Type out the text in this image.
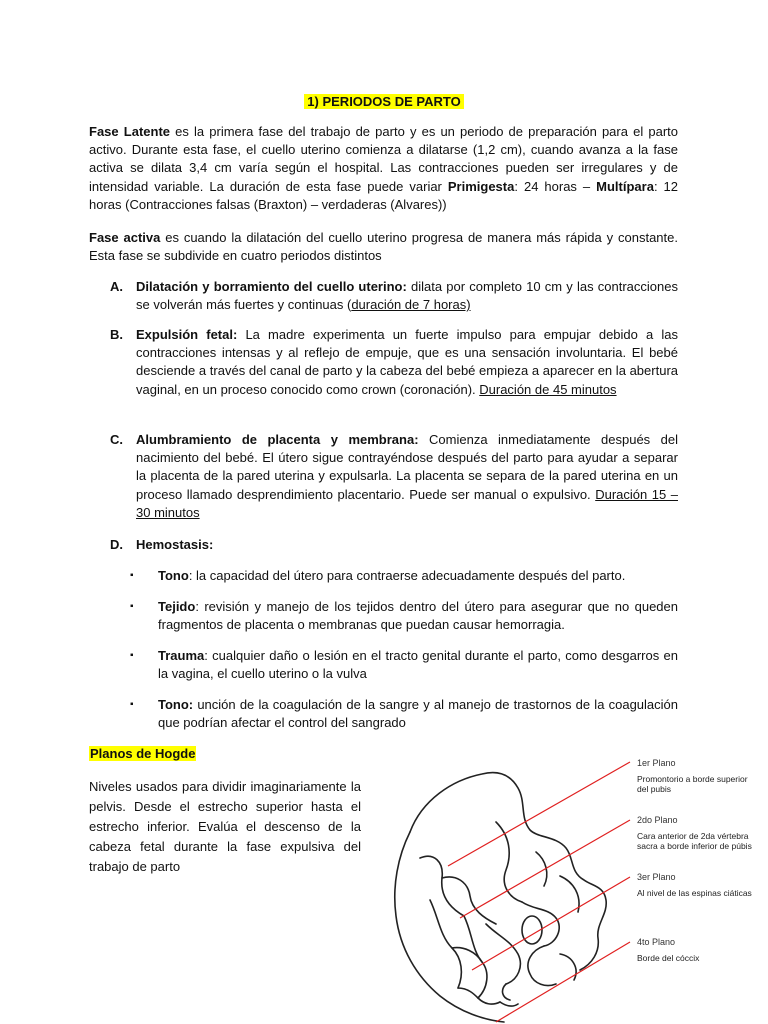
1) PERIODOS DE PARTO
Fase Latente es la primera fase del trabajo de parto y es un periodo de preparación para el parto activo. Durante esta fase, el cuello uterino comienza a dilatarse (1,2 cm), cuando avanza a la fase activa se dilata 3,4 cm varía según el hospital. Las contracciones pueden ser irregulares y de intensidad variable. La duración de esta fase puede variar Primigesta: 24 horas – Multípara: 12 horas (Contracciones falsas (Braxton) – verdaderas (Alvares))
Fase activa es cuando la dilatación del cuello uterino progresa de manera más rápida y constante. Esta fase se subdivide en cuatro periodos distintos
A. Dilatación y borramiento del cuello uterino: dilata por completo 10 cm y las contracciones se volverán más fuertes y continuas (duración de 7 horas)
B. Expulsión fetal: La madre experimenta un fuerte impulso para empujar debido a las contracciones intensas y al reflejo de empuje, que es una sensación involuntaria. El bebé desciende a través del canal de parto y la cabeza del bebé empieza a aparecer en la abertura vaginal, en un proceso conocido como crown (coronación). Duración de 45 minutos
C. Alumbramiento de placenta y membrana: Comienza inmediatamente después del nacimiento del bebé. El útero sigue contrayéndose después del parto para ayudar a separar la placenta de la pared uterina y expulsarla. La placenta se separa de la pared uterina en un proceso llamado desprendimiento placentario. Puede ser manual o expulsivo. Duración 15 – 30 minutos
D. Hemostasis:
▪ Tono: la capacidad del útero para contraerse adecuadamente después del parto.
▪ Tejido: revisión y manejo de los tejidos dentro del útero para asegurar que no queden fragmentos de placenta o membranas que puedan causar hemorragia.
▪ Trauma: cualquier daño o lesión en el tracto genital durante el parto, como desgarros en la vagina, el cuello uterino o la vulva
▪ Tono: unción de la coagulación de la sangre y al manejo de trastornos de la coagulación que podrían afectar el control del sangrado
Planos de Hogde
Niveles usados para dividir imaginariamente la pelvis. Desde el estrecho superior hasta el estrecho inferior. Evalúa el descenso de la cabeza fetal durante la fase expulsiva del trabajo de parto
1er Plano
Promontorio a borde superior
del pubis
2do Plano
Cara anterior de 2da vértebra
sacra a borde inferior de púbis
3er Plano
Al nivel de las espinas ciáticas
4to Plano
Borde del cóccix
